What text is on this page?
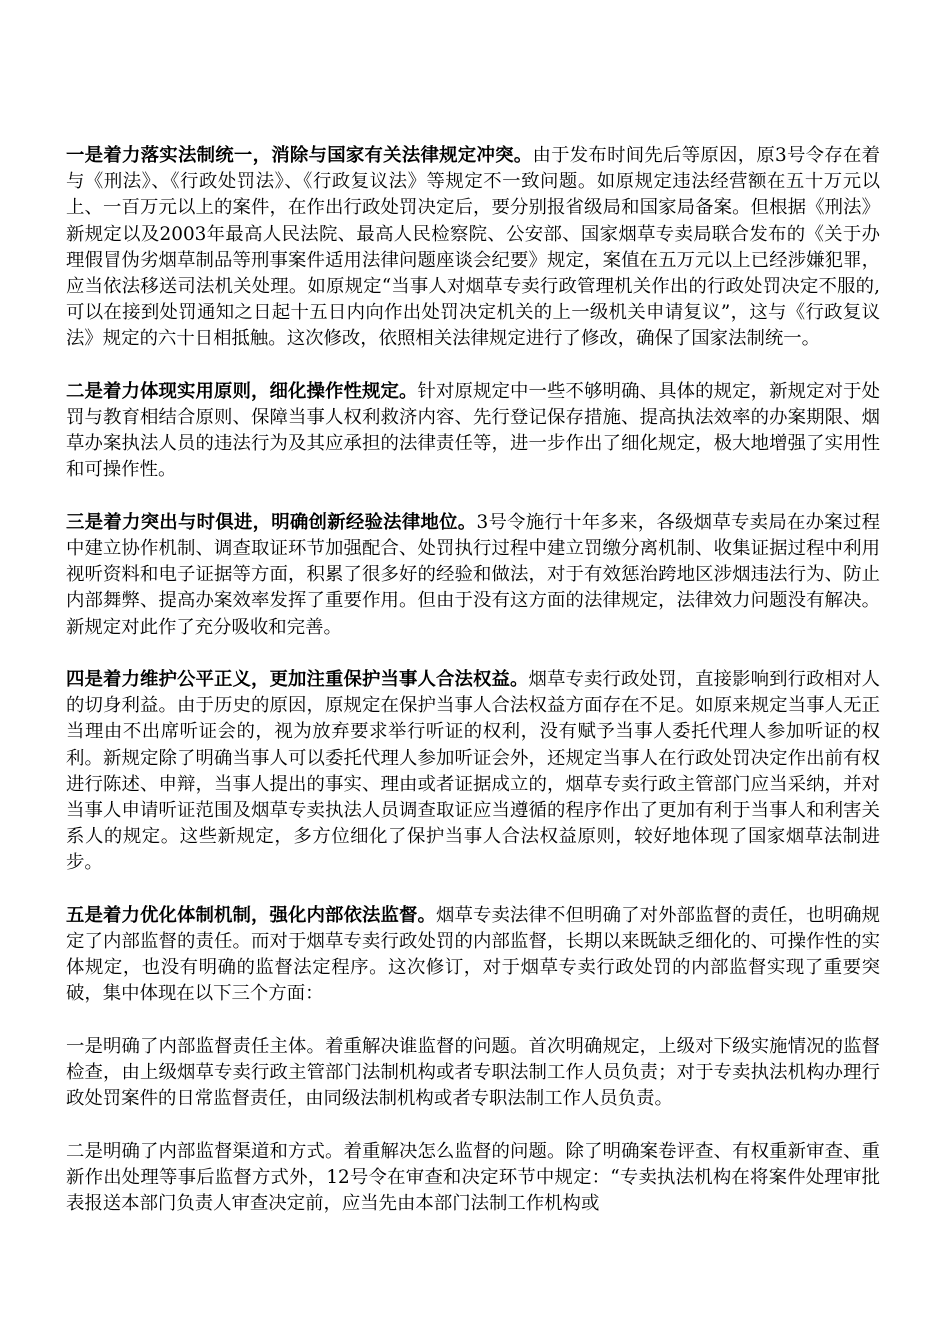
一是着力落实法制统一，消除与国家有关法律规定冲突。由于发布时间先后等原因，原3号令存在着与《刑法》、《行政处罚法》、《行政复议法》等规定不一致问题。如原规定违法经营额在五十万元以上、一百万元以上的案件，在作出行政处罚决定后，要分别报省级局和国家局备案。但根据《刑法》新规定以及2003年最高人民法院、最高人民检察院、公安部、国家烟草专卖局联合发布的《关于办理假冒伪劣烟草制品等刑事案件适用法律问题座谈会纪要》规定，案值在五万元以上已经涉嫌犯罪，应当依法移送司法机关处理。如原规定“当事人对烟草专卖行政管理机关作出的行政处罚决定不服的,可以在接到处罚通知之日起十五日内向作出处罚决定机关的上一级机关申请复议”，这与《行政复议法》规定的六十日相抵触。这次修改，依照相关法律规定进行了修改，确保了国家法制统一。

二是着力体现实用原则，细化操作性规定。针对原规定中一些不够明确、具体的规定，新规定对于处罚与教育相结合原则、保障当事人权利救济内容、先行登记保存措施、提高执法效率的办案期限、烟草办案执法人员的违法行为及其应承担的法律责任等，进一步作出了细化规定，极大地增强了实用性和可操作性。

三是着力突出与时俱进，明确创新经验法律地位。3号令施行十年多来，各级烟草专卖局在办案过程中建立协作机制、调查取证环节加强配合、处罚执行过程中建立罚缴分离机制、收集证据过程中利用视听资料和电子证据等方面，积累了很多好的经验和做法，对于有效惩治跨地区涉烟违法行为、防止内部舞弊、提高办案效率发挥了重要作用。但由于没有这方面的法律规定，法律效力问题没有解决。新规定对此作了充分吸收和完善。

四是着力维护公平正义，更加注重保护当事人合法权益。烟草专卖行政处罚，直接影响到行政相对人的切身利益。由于历史的原因，原规定在保护当事人合法权益方面存在不足。如原来规定当事人无正当理由不出席听证会的，视为放弃要求举行听证的权利，没有赋予当事人委托代理人参加听证的权利。新规定除了明确当事人可以委托代理人参加听证会外，还规定当事人在行政处罚决定作出前有权进行陈述、申辩，当事人提出的事实、理由或者证据成立的，烟草专卖行政主管部门应当采纳，并对当事人申请听证范围及烟草专卖执法人员调查取证应当遵循的程序作出了更加有利于当事人和利害关系人的规定。这些新规定，多方位细化了保护当事人合法权益原则，较好地体现了国家烟草法制进步。

五是着力优化体制机制，强化内部依法监督。烟草专卖法律不但明确了对外部监督的责任，也明确规定了内部监督的责任。而对于烟草专卖行政处罚的内部监督，长期以来既缺乏细化的、可操作性的实体规定，也没有明确的监督法定程序。这次修订，对于烟草专卖行政处罚的内部监督实现了重要突破，集中体现在以下三个方面：

一是明确了内部监督责任主体。着重解决谁监督的问题。首次明确规定，上级对下级实施情况的监督检查，由上级烟草专卖行政主管部门法制机构或者专职法制工作人员负责；对于专卖执法机构办理行政处罚案件的日常监督责任，由同级法制机构或者专职法制工作人员负责。

二是明确了内部监督渠道和方式。着重解决怎么监督的问题。除了明确案卷评查、有权重新审查、重新作出处理等事后监督方式外，12号令在审查和决定环节中规定：“专卖执法机构在将案件处理审批表报送本部门负责人审查决定前，应当先由本部门法制工作机构或
